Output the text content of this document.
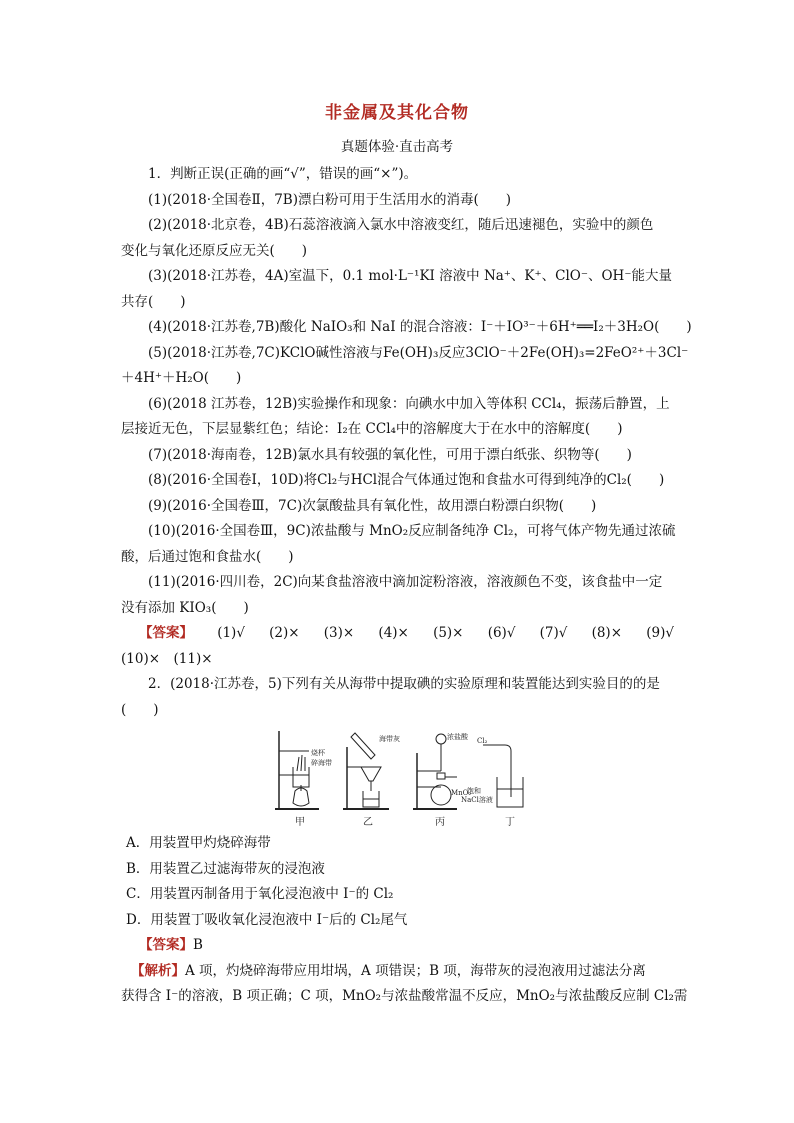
非金属及其化合物
真题体验·直击高考
1．判断正误(正确的画“√”，错误的画“×”)。
(1)(2018·全国卷Ⅱ，7B)漂白粉可用于生活用水的消毒(　　)
(2)(2018·北京卷，4B)石蕊溶液滴入氯水中溶液变红，随后迅速褪色，实验中的颜色
变化与氧化还原反应无关(　　)
(3)(2018·江苏卷，4A)室温下，0.1 mol·L⁻¹KI 溶液中 Na⁺、K⁺、ClO⁻、OH⁻能大量
共存(　　)
(4)(2018·江苏卷,7B)酸化 NaIO₃和 NaI 的混合溶液：I⁻＋IO³⁻＋6H⁺══I₂＋3H₂O(　　)
(5)(2018·江苏卷,7C)KClO碱性溶液与Fe(OH)₃反应3ClO⁻＋2Fe(OH)₃=2FeO²⁺＋3Cl⁻
＋4H⁺＋H₂O(　　)
(6)(2018 江苏卷，12B)实验操作和现象：向碘水中加入等体积 CCl₄，振荡后静置，上
层接近无色，下层显紫红色；结论：I₂在 CCl₄中的溶解度大于在水中的溶解度(　　)
(7)(2018·海南卷，12B)氯水具有较强的氧化性，可用于漂白纸张、织物等(　　)
(8)(2016·全国卷Ⅰ，10D)将Cl₂与HCl混合气体通过饱和食盐水可得到纯净的Cl₂(　　)
(9)(2016·全国卷Ⅲ，7C)次氯酸盐具有氧化性，故用漂白粉漂白织物(　　)
(10)(2016·全国卷Ⅲ，9C)浓盐酸与 MnO₂反应制备纯净 Cl₂，可将气体产物先通过浓硫
酸，后通过饱和食盐水(　　)
(11)(2016·四川卷，2C)向某食盐溶液中滴加淀粉溶液，溶液颜色不变，该食盐中一定
没有添加 KIO₃(　　)
【答案】 (1)√ (2)× (3)× (4)× (5)× (6)√ (7)√ (8)× (9)√
(10)×　(11)×
2．(2018·江苏卷，5)下列有关从海带中提取碘的实验原理和装置能达到实验目的的是
(　　)
烧杯
碎海带
甲
海带灰
乙
浓盐酸
MnO₂
丙
Cl₂
饱和
NaCl溶液
丁
A．用装置甲灼烧碎海带
B．用装置乙过滤海带灰的浸泡液
C．用装置丙制备用于氧化浸泡液中 I⁻的 Cl₂
D．用装置丁吸收氧化浸泡液中 I⁻后的 Cl₂尾气
【答案】B
【解析】A 项，灼烧碎海带应用坩埚，A 项错误；B 项，海带灰的浸泡液用过滤法分离
获得含 I⁻的溶液，B 项正确；C 项，MnO₂与浓盐酸常温不反应，MnO₂与浓盐酸反应制 Cl₂需
